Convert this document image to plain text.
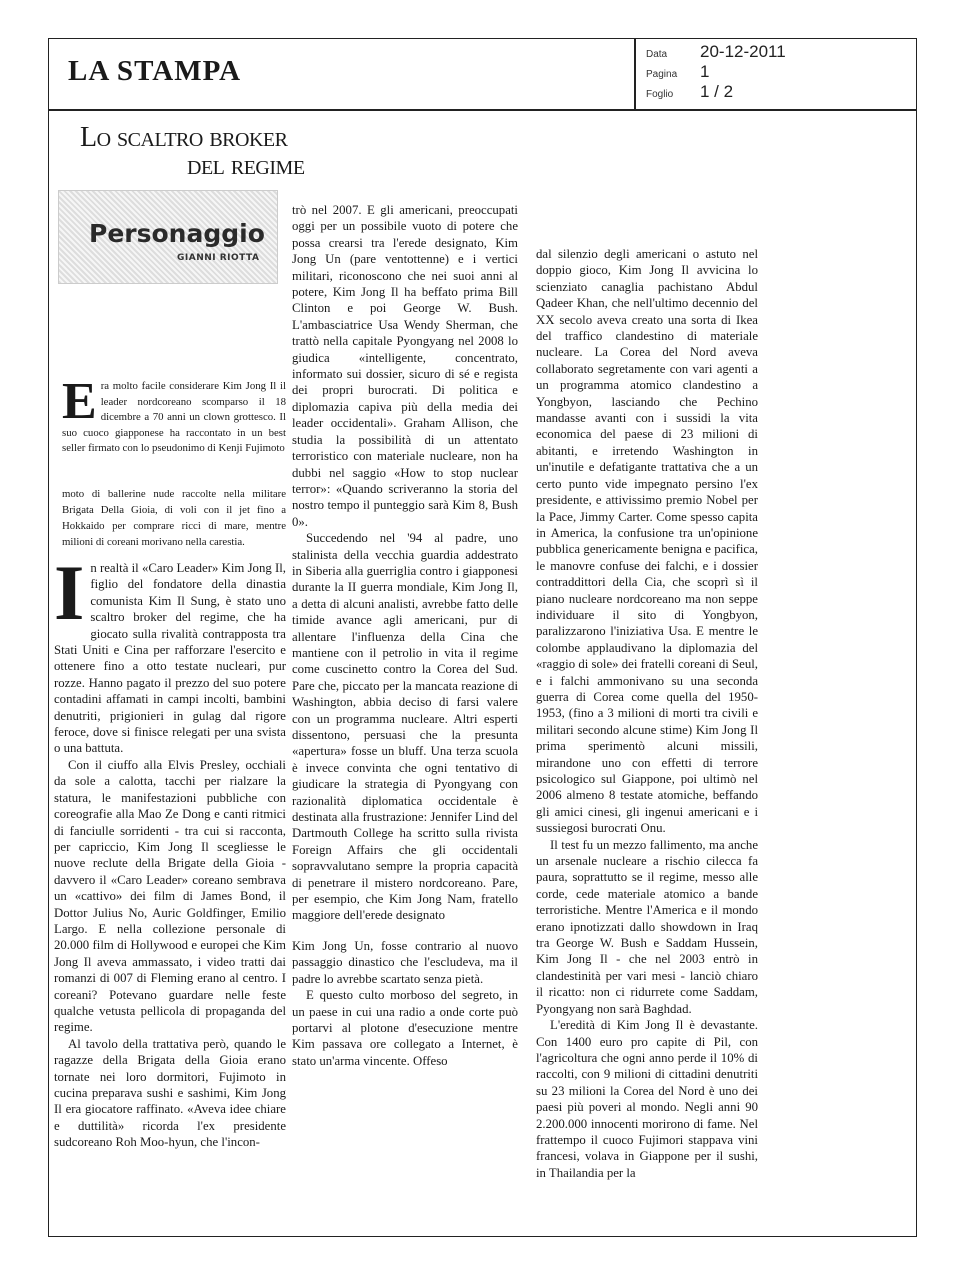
LA STAMPA
Data 20-12-2011
Pagina 1
Foglio 1 / 2
Lo scaltro broker
del regime
Personaggio
GIANNI RIOTTA
E ra molto facile considerare Kim Jong Il il leader nordcoreano scomparso il 18 dicembre a 70 anni un clown grottesco. Il suo cuoco giapponese ha raccontato in un best seller firmato con lo pseudonimo di Kenji Fujimoto

moto di ballerine nude raccolte nella militare Brigata Della Gioia, di voli con il jet fino a Hokkaido per comprare ricci di mare, mentre milioni di coreani morivano nella carestia.

I n realtà il «Caro Leader» Kim Jong Il, figlio del fondatore della dinastia comunista Kim Il Sung, è stato uno scaltro broker del regime, che ha giocato sulla rivalità contrapposta tra Stati Uniti e Cina per rafforzare l'esercito e ottenere fino a otto testate nucleari, pur rozze. Hanno pagato il prezzo del suo potere contadini affamati in campi incolti, bambini denutriti, prigionieri in gulag dal rigore feroce, dove si finisce relegati per una svista o una battuta.

Con il ciuffo alla Elvis Presley, occhiali da sole a calotta, tacchi per rialzare la statura, le manifestazioni pubbliche con coreografie alla Mao Ze Dong e canti ritmici di fanciulle sorridenti - tra cui si racconta, per capriccio, Kim Jong Il scegliesse le nuove reclute della Brigate della Gioia - davvero il «Caro Leader» coreano sembrava un «cattivo» dei film di James Bond, il Dottor Julius No, Auric Goldfinger, Emilio Largo. E nella collezione personale di 20.000 film di Hollywood e europei che Kim Jong Il aveva ammassato, i video tratti dai romanzi di 007 di Fleming erano al centro. I coreani? Potevano guardare nelle feste qualche vetusta pellicola di propaganda del regime.

Al tavolo della trattativa però, quando le ragazze della Brigata della Gioia erano tornate nei loro dormitori, Fujimoto in cucina preparava sushi e sashimi, Kim Jong Il era giocatore raffinato. «Aveva idee chiare e duttilità» ricorda l'ex presidente sudcoreano Roh Moo-hyun, che l'incon-

trò nel 2007. E gli americani, preoccupati oggi per un possibile vuoto di potere che possa crearsi tra l'erede designato, Kim Jong Un (pare ventottenne) e i vertici militari, riconoscono che nei suoi anni al potere, Kim Jong Il ha beffato prima Bill Clinton e poi George W. Bush. L'ambasciatrice Usa Wendy Sherman, che trattò nella capitale Pyongyang nel 2008 lo giudica «intelligente, concentrato, informato sui dossier, sicuro di sé e regista dei propri burocrati. Di politica e diplomazia capiva più della media dei leader occidentali». Graham Allison, che studia la possibilità di un attentato terroristico con materiale nucleare, non ha dubbi nel saggio «How to stop nuclear terror»: «Quando scriveranno la storia del nostro tempo il punteggio sarà Kim 8, Bush 0».

Succedendo nel '94 al padre, uno stalinista della vecchia guardia addestrato in Siberia alla guerriglia contro i giapponesi durante la II guerra mondiale, Kim Jong Il, a detta di alcuni analisti, avrebbe fatto delle timide avance agli americani, pur di allentare l'influenza della Cina che mantiene con il petrolio in vita il regime come cuscinetto contro la Corea del Sud. Pare che, piccato per la mancata reazione di Washington, abbia deciso di farsi valere con un programma nucleare. Altri esperti dissentono, persuasi che la presunta «apertura» fosse un bluff. Una terza scuola è invece convinta che ogni tentativo di giudicare la strategia di Pyongyang con razionalità diplomatica occidentale è destinata alla frustrazione: Jennifer Lind del Dartmouth College ha scritto sulla rivista Foreign Affairs che gli occidentali sopravvalutano sempre la propria capacità di penetrare il mistero nordcoreano. Pare, per esempio, che Kim Jong Nam, fratello maggiore dell'erede designato

Kim Jong Un, fosse contrario al nuovo passaggio dinastico che l'escludeva, ma il padre lo avrebbe scartato senza pietà.

E questo culto morboso del segreto, in un paese in cui una radio a onde corte può portarvi al plotone d'esecuzione mentre Kim passava ore collegato a Internet, è stato un'arma vincente. Offeso

dal silenzio degli americani o astuto nel doppio gioco, Kim Jong Il avvicina lo scienziato canaglia pachistano Abdul Qadeer Khan, che nell'ultimo decennio del XX secolo aveva creato una sorta di Ikea del traffico clandestino di materiale nucleare. La Corea del Nord aveva collaborato segretamente con vari agenti a un programma atomico clandestino a Yongbyon, lasciando che Pechino mandasse avanti con i sussidi la vita economica del paese di 23 milioni di abitanti, e irretendo Washington in un'inutile e defatigante trattativa che a un certo punto vide impegnato persino l'ex presidente, e attivissimo premio Nobel per la Pace, Jimmy Carter. Come spesso capita in America, la confusione tra un'opinione pubblica genericamente benigna e pacifica, le manovre confuse dei falchi, e i dossier contraddittori della Cia, che scoprì sì il piano nucleare nordcoreano ma non seppe individuare il sito di Yongbyon, paralizzarono l'iniziativa Usa. E mentre le colombe applaudivano la diplomazia del «raggio di sole» dei fratelli coreani di Seul, e i falchi ammonivano su una seconda guerra di Corea come quella del 1950-1953, (fino a 3 milioni di morti tra civili e militari secondo alcune stime) Kim Jong Il prima sperimentò alcuni missili, mirandone uno con effetti di terrore psicologico sul Giappone, poi ultimò nel 2006 almeno 8 testate atomiche, beffando gli amici cinesi, gli ingenui americani e i sussiegosi burocrati Onu.

Il test fu un mezzo fallimento, ma anche un arsenale nucleare a rischio cilecca fa paura, soprattutto se il regime, messo alle corde, cede materiale atomico a bande terroristiche. Mentre l'America e il mondo erano ipnotizzati dallo showdown in Iraq tra George W. Bush e Saddam Hussein, Kim Jong Il - che nel 2003 entrò in clandestinità per vari mesi - lanciò chiaro il ricatto: non ci ridurrete come Saddam, Pyongyang non sarà Baghdad.

L'eredità di Kim Jong Il è devastante. Con 1400 euro pro capite di Pil, con l'agricoltura che ogni anno perde il 10% di raccolti, con 9 milioni di cittadini denutriti su 23 milioni la Corea del Nord è uno dei paesi più poveri al mondo. Negli anni 90 2.200.000 innocenti morirono di fame. Nel frattempo il cuoco Fujimori stappava vini francesi, volava in Giappone per il sushi, in Thailandia per la
